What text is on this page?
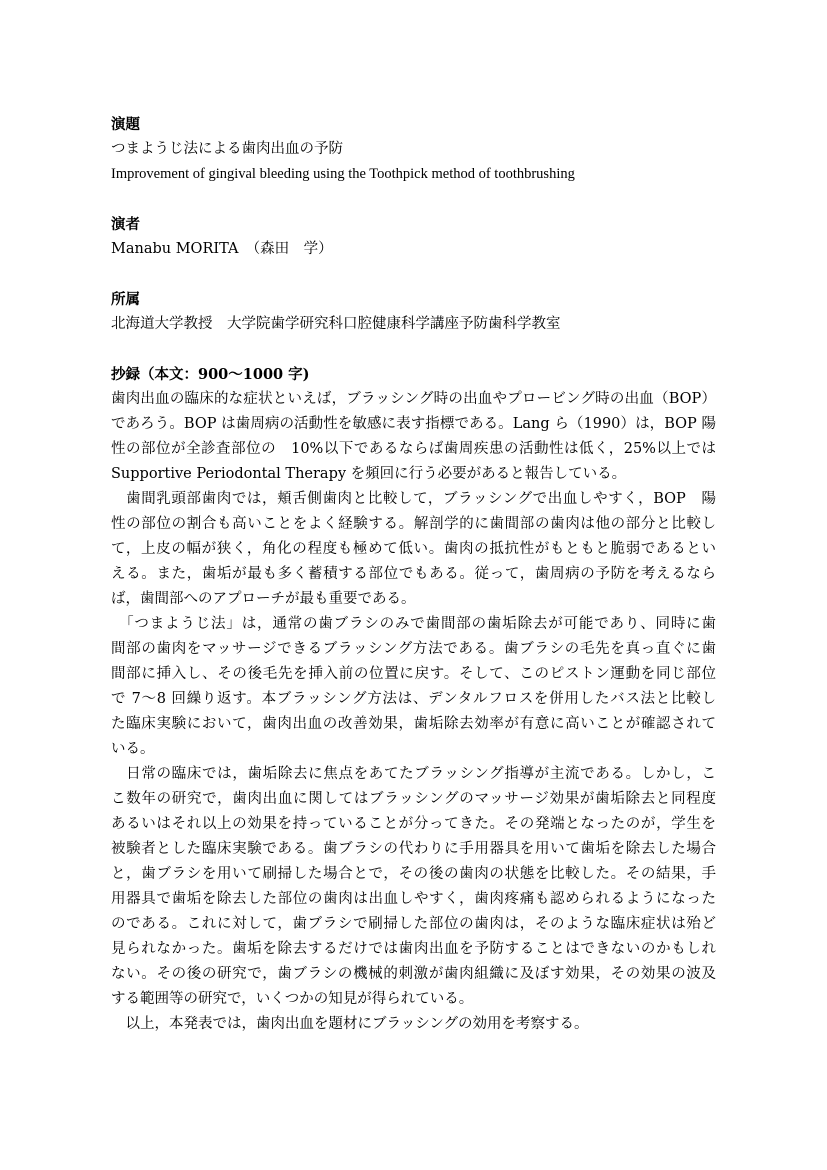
演題
つまようじ法による歯肉出血の予防
Improvement of gingival bleeding using the Toothpick method of toothbrushing
演者
Manabu MORITA　（森田　学）
所属
北海道大学教授　大学院歯学研究科口腔健康科学講座予防歯科学教室
抄録（本文：900〜1000 字)
歯肉出血の臨床的な症状といえば，ブラッシング時の出血やプロービング時の出血（BOP）
であろう。BOP は歯周病の活動性を敏感に表す指標である。Lang ら（1990）は，BOP 陽
性の部位が全診査部位の　10%以下であるならば歯周疾患の活動性は低く，25%以上では
Supportive Periodontal Therapy を頻回に行う必要があると報告している。
　歯間乳頭部歯肉では，頬舌側歯肉と比較して，ブラッシングで出血しやすく，BOP　陽
性の部位の割合も高いことをよく経験する。解剖学的に歯間部の歯肉は他の部分と比較し
て，上皮の幅が狭く，角化の程度も極めて低い。歯肉の抵抗性がもともと脆弱であるとい
える。また，歯垢が最も多く蓄積する部位でもある。従って，歯周病の予防を考えるなら
ば，歯間部へのアプローチが最も重要である。
　「つまようじ法」は，通常の歯ブラシのみで歯間部の歯垢除去が可能であり、同時に歯
間部の歯肉をマッサージできるブラッシング方法である。歯ブラシの毛先を真っ直ぐに歯
間部に挿入し、その後毛先を挿入前の位置に戻す。そして、このピストン運動を同じ部位
で 7〜8 回繰り返す。本ブラッシング方法は、デンタルフロスを併用したバス法と比較し
た臨床実験において，歯肉出血の改善効果，歯垢除去効率が有意に高いことが確認されて
いる。
　日常の臨床では，歯垢除去に焦点をあてたブラッシング指導が主流である。しかし，こ
こ数年の研究で，歯肉出血に関してはブラッシングのマッサージ効果が歯垢除去と同程度
あるいはそれ以上の効果を持っていることが分ってきた。その発端となったのが，学生を
被験者とした臨床実験である。歯ブラシの代わりに手用器具を用いて歯垢を除去した場合
と，歯ブラシを用いて刷掃した場合とで，その後の歯肉の状態を比較した。その結果，手
用器具で歯垢を除去した部位の歯肉は出血しやすく，歯肉疼痛も認められるようになった
のである。これに対して，歯ブラシで刷掃した部位の歯肉は，そのような臨床症状は殆ど
見られなかった。歯垢を除去するだけでは歯肉出血を予防することはできないのかもしれ
ない。その後の研究で，歯ブラシの機械的刺激が歯肉組織に及ぼす効果，その効果の波及
する範囲等の研究で，いくつかの知見が得られている。
　以上，本発表では，歯肉出血を題材にブラッシングの効用を考察する。
